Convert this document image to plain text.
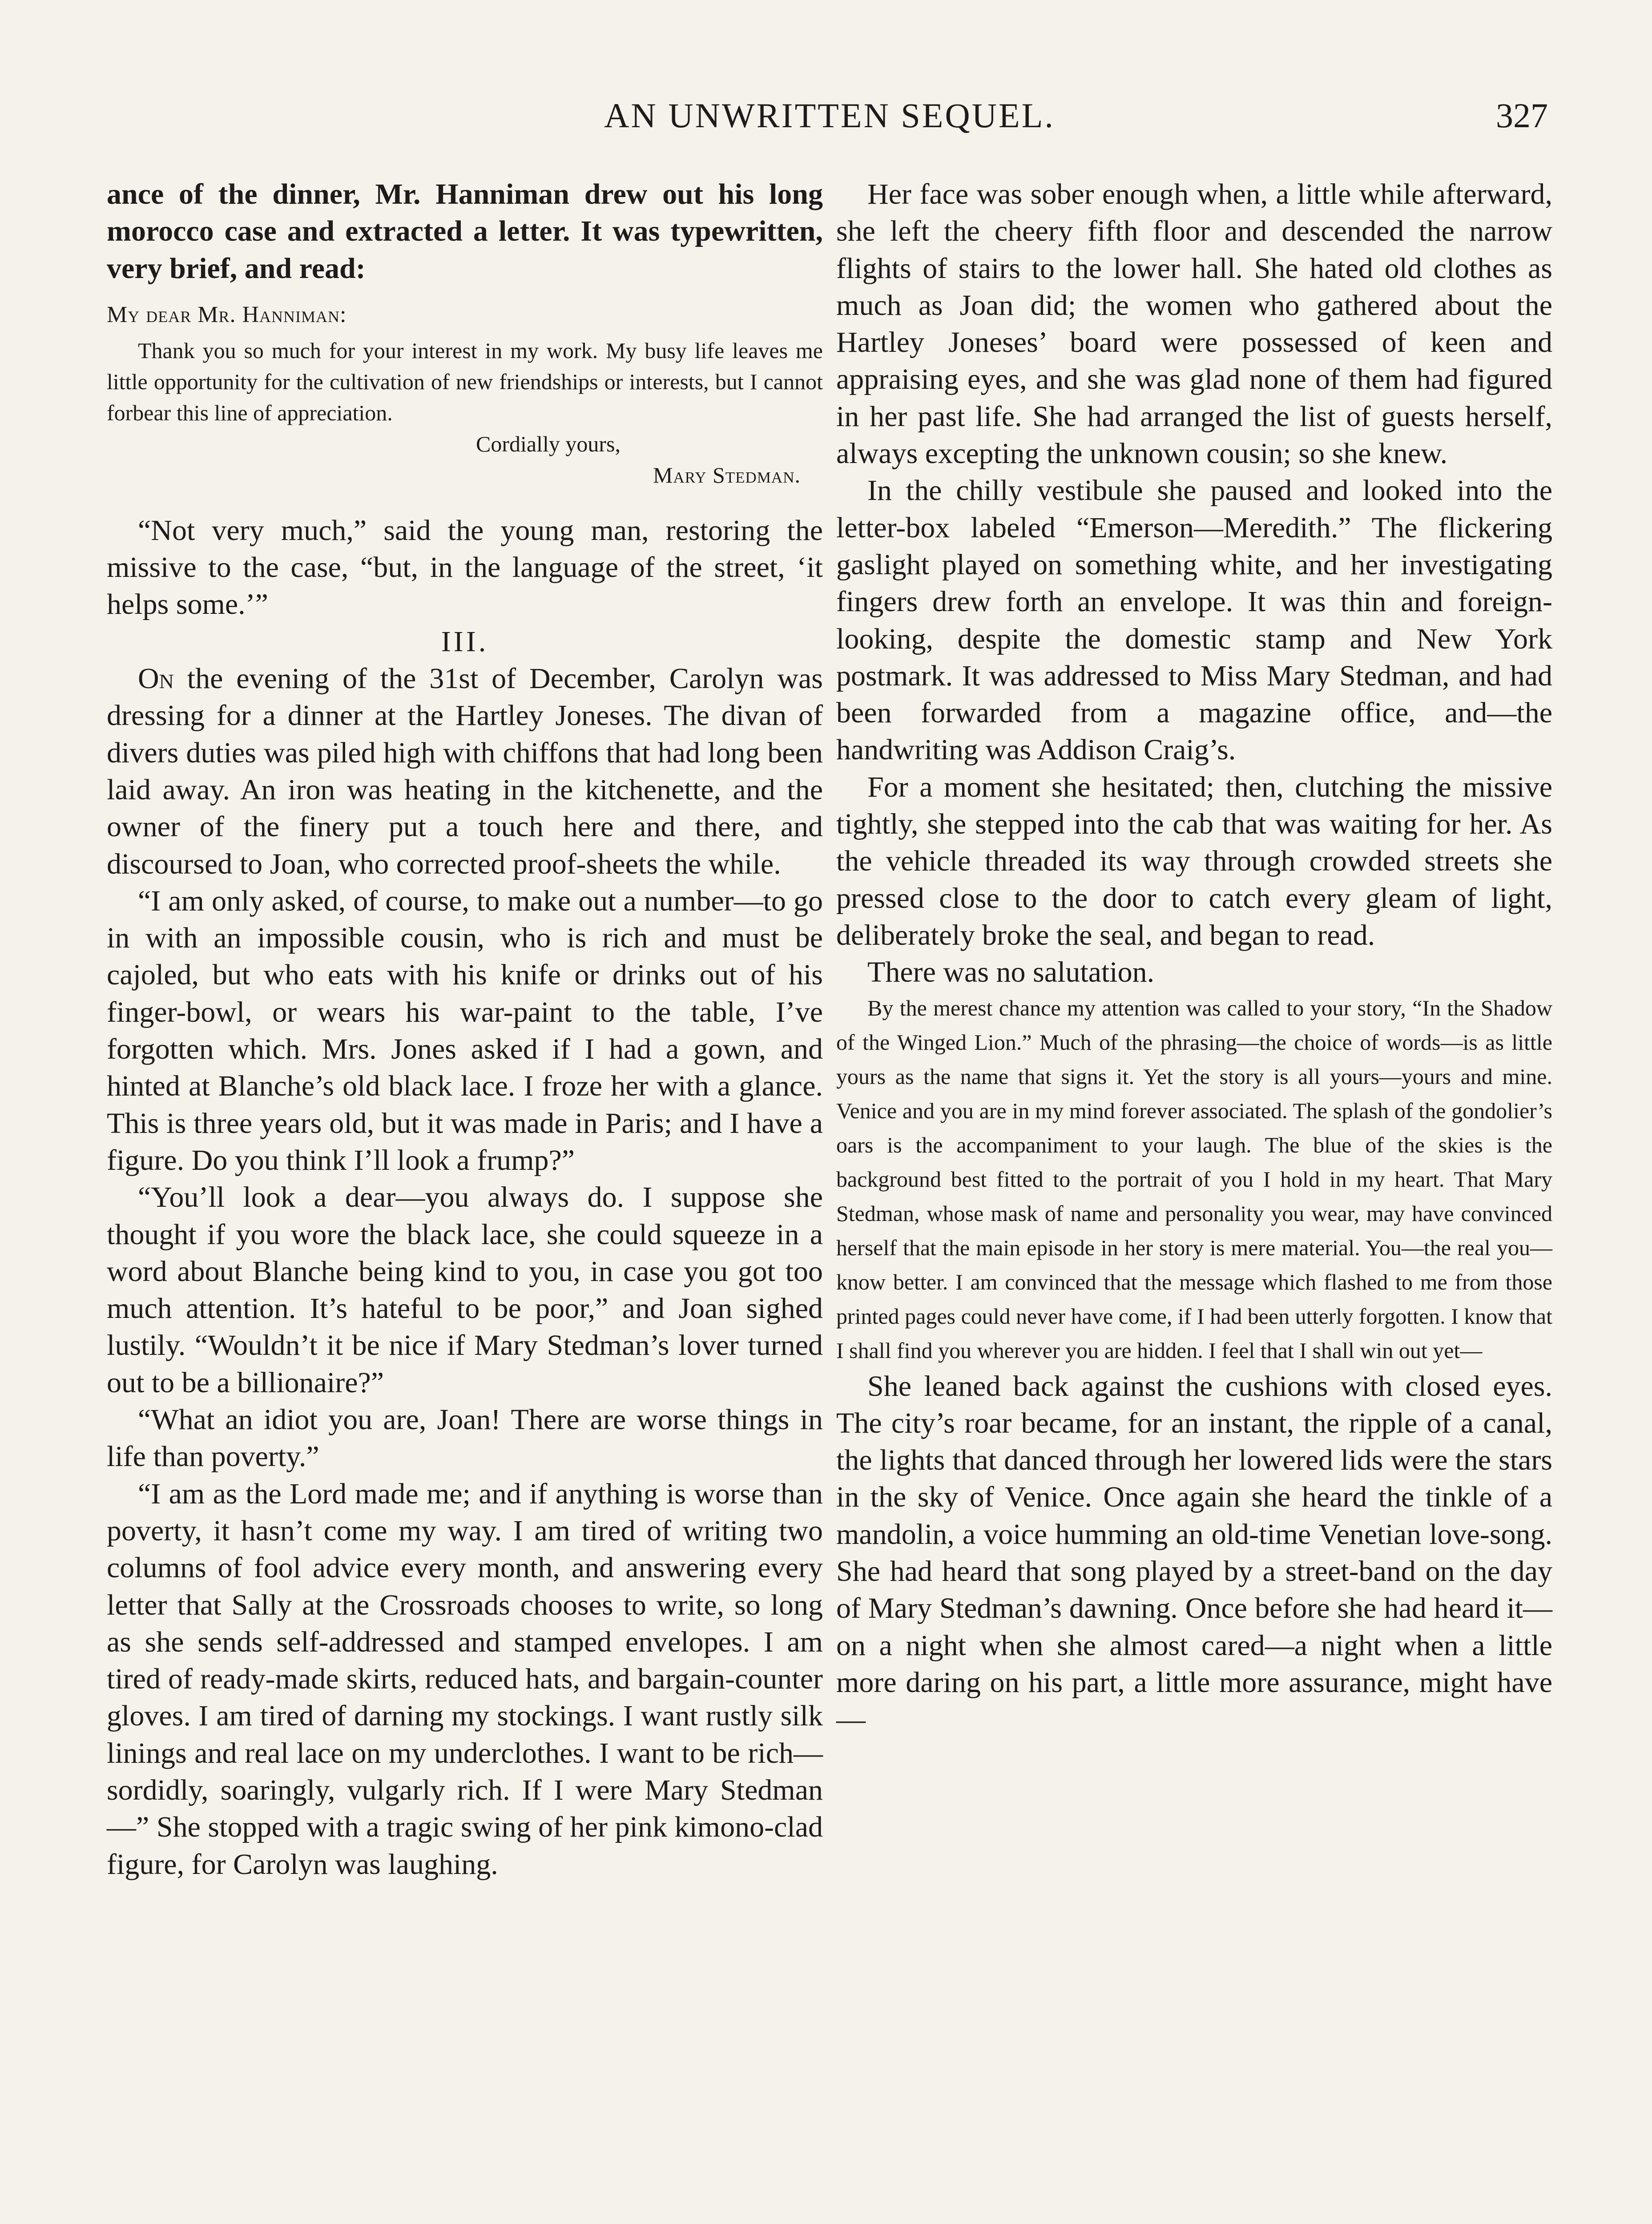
AN UNWRITTEN SEQUEL.	327

ance of the dinner, Mr. Hanniman drew out his long morocco case and extracted a letter. It was typewritten, very brief, and read:

My dear Mr. Hanniman:

Thank you so much for your interest in my work. My busy life leaves me little opportunity for the cultivation of new friendships or interests, but I cannot forbear this line of appreciation.

Cordially yours,

Mary Stedman.

“Not very much,” said the young man, restoring the missive to the case, “but, in the language of the street, ‘it helps some.’”

III.

On the evening of the 31st of December, Carolyn was dressing for a dinner at the Hartley Joneses. The divan of divers duties was piled high with chiffons that had long been laid away. An iron was heating in the kitchenette, and the owner of the finery put a touch here and there, and discoursed to Joan, who corrected proof-sheets the while.

“I am only asked, of course, to make out a number—to go in with an impossible cousin, who is rich and must be cajoled, but who eats with his knife or drinks out of his finger-bowl, or wears his war-paint to the table, I’ve forgotten which. Mrs. Jones asked if I had a gown, and hinted at Blanche’s old black lace. I froze her with a glance. This is three years old, but it was made in Paris; and I have a figure. Do you think I’ll look a frump?”

“You’ll look a dear—you always do. I suppose she thought if you wore the black lace, she could squeeze in a word about Blanche being kind to you, in case you got too much attention. It’s hateful to be poor,” and Joan sighed lustily. “Wouldn’t it be nice if Mary Stedman’s lover turned out to be a billionaire?”

“What an idiot you are, Joan! There are worse things in life than poverty.”

“I am as the Lord made me; and if anything is worse than poverty, it hasn’t come my way. I am tired of writing two columns of fool advice every month, and answering every letter that Sally at the Crossroads chooses to write, so long as she sends self-addressed and stamped envelopes. I am tired of ready-made skirts, reduced hats, and bargain-counter gloves. I am tired of darning my stockings. I want rustly silk linings and real lace on my underclothes. I want to be rich—sordidly, soaringly, vulgarly rich. If I were Mary Stedman—” She stopped with a tragic swing of her pink kimono-clad figure, for Carolyn was laughing.

Her face was sober enough when, a little while afterward, she left the cheery fifth floor and descended the narrow flights of stairs to the lower hall. She hated old clothes as much as Joan did; the women who gathered about the Hartley Joneses’ board were possessed of keen and appraising eyes, and she was glad none of them had figured in her past life. She had arranged the list of guests herself, always excepting the unknown cousin; so she knew.

In the chilly vestibule she paused and looked into the letter-box labeled “Emerson—Meredith.” The flickering gaslight played on something white, and her investigating fingers drew forth an envelope. It was thin and foreign-looking, despite the domestic stamp and New York postmark. It was addressed to Miss Mary Stedman, and had been forwarded from a magazine office, and—the handwriting was Addison Craig’s.

For a moment she hesitated; then, clutching the missive tightly, she stepped into the cab that was waiting for her. As the vehicle threaded its way through crowded streets she pressed close to the door to catch every gleam of light, deliberately broke the seal, and began to read.

There was no salutation.

By the merest chance my attention was called to your story, “In the Shadow of the Winged Lion.” Much of the phrasing—the choice of words—is as little yours as the name that signs it. Yet the story is all yours—yours and mine. Venice and you are in my mind forever associated. The splash of the gondolier’s oars is the accompaniment to your laugh. The blue of the skies is the background best fitted to the portrait of you I hold in my heart. That Mary Stedman, whose mask of name and personality you wear, may have convinced herself that the main episode in her story is mere material. You—the real you—know better. I am convinced that the message which flashed to me from those printed pages could never have come, if I had been utterly forgotten. I know that I shall find you wherever you are hidden. I feel that I shall win out yet—

She leaned back against the cushions with closed eyes. The city’s roar became, for an instant, the ripple of a canal, the lights that danced through her lowered lids were the stars in the sky of Venice. Once again she heard the tinkle of a mandolin, a voice humming an old-time Venetian love-song. She had heard that song played by a street-band on the day of Mary Stedman’s dawning. Once before she had heard it—on a night when she almost cared—a night when a little more daring on his part, a little more assurance, might have—
